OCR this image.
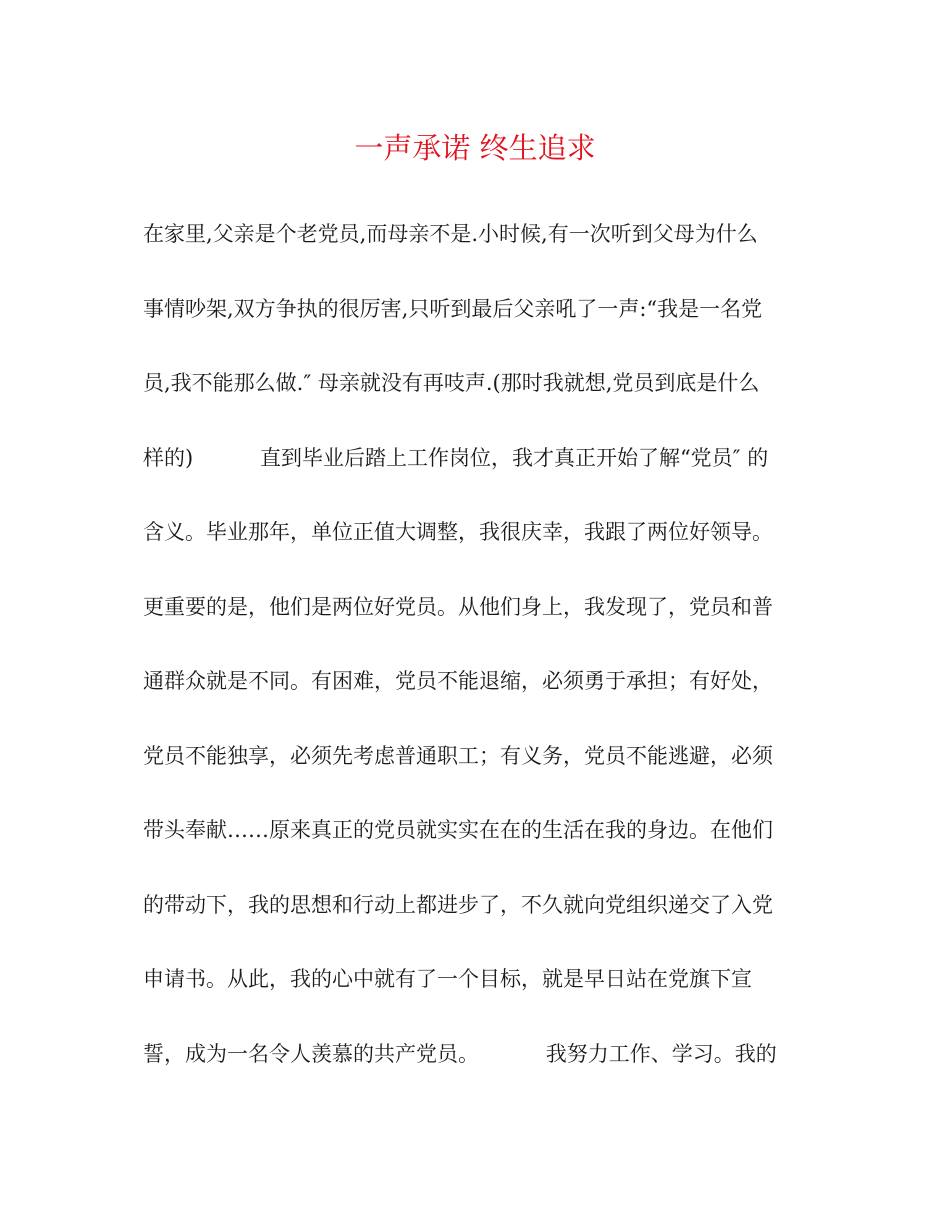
一声承诺 终生追求
在家里,父亲是个老党员,而母亲不是.小时候,有一次听到父母为什么
事情吵架,双方争执的很厉害,只听到最后父亲吼了一声:“我是一名党
员,我不能那么做.″ 母亲就没有再吱声.(那时我就想,党员到底是什么
样的)          直到毕业后踏上工作岗位，我才真正开始了解“党员″ 的
含义。毕业那年，单位正值大调整，我很庆幸，我跟了两位好领导。
更重要的是，他们是两位好党员。从他们身上，我发现了，党员和普
通群众就是不同。有困难，党员不能退缩，必须勇于承担；有好处，
党员不能独享，必须先考虑普通职工；有义务，党员不能逃避，必须
带头奉献……原来真正的党员就实实在在的生活在我的身边。在他们
的带动下，我的思想和行动上都进步了，不久就向党组织递交了入党
申请书。从此，我的心中就有了一个目标，就是早日站在党旗下宣
誓，成为一名令人羡慕的共产党员。          我努力工作、学习。我的
